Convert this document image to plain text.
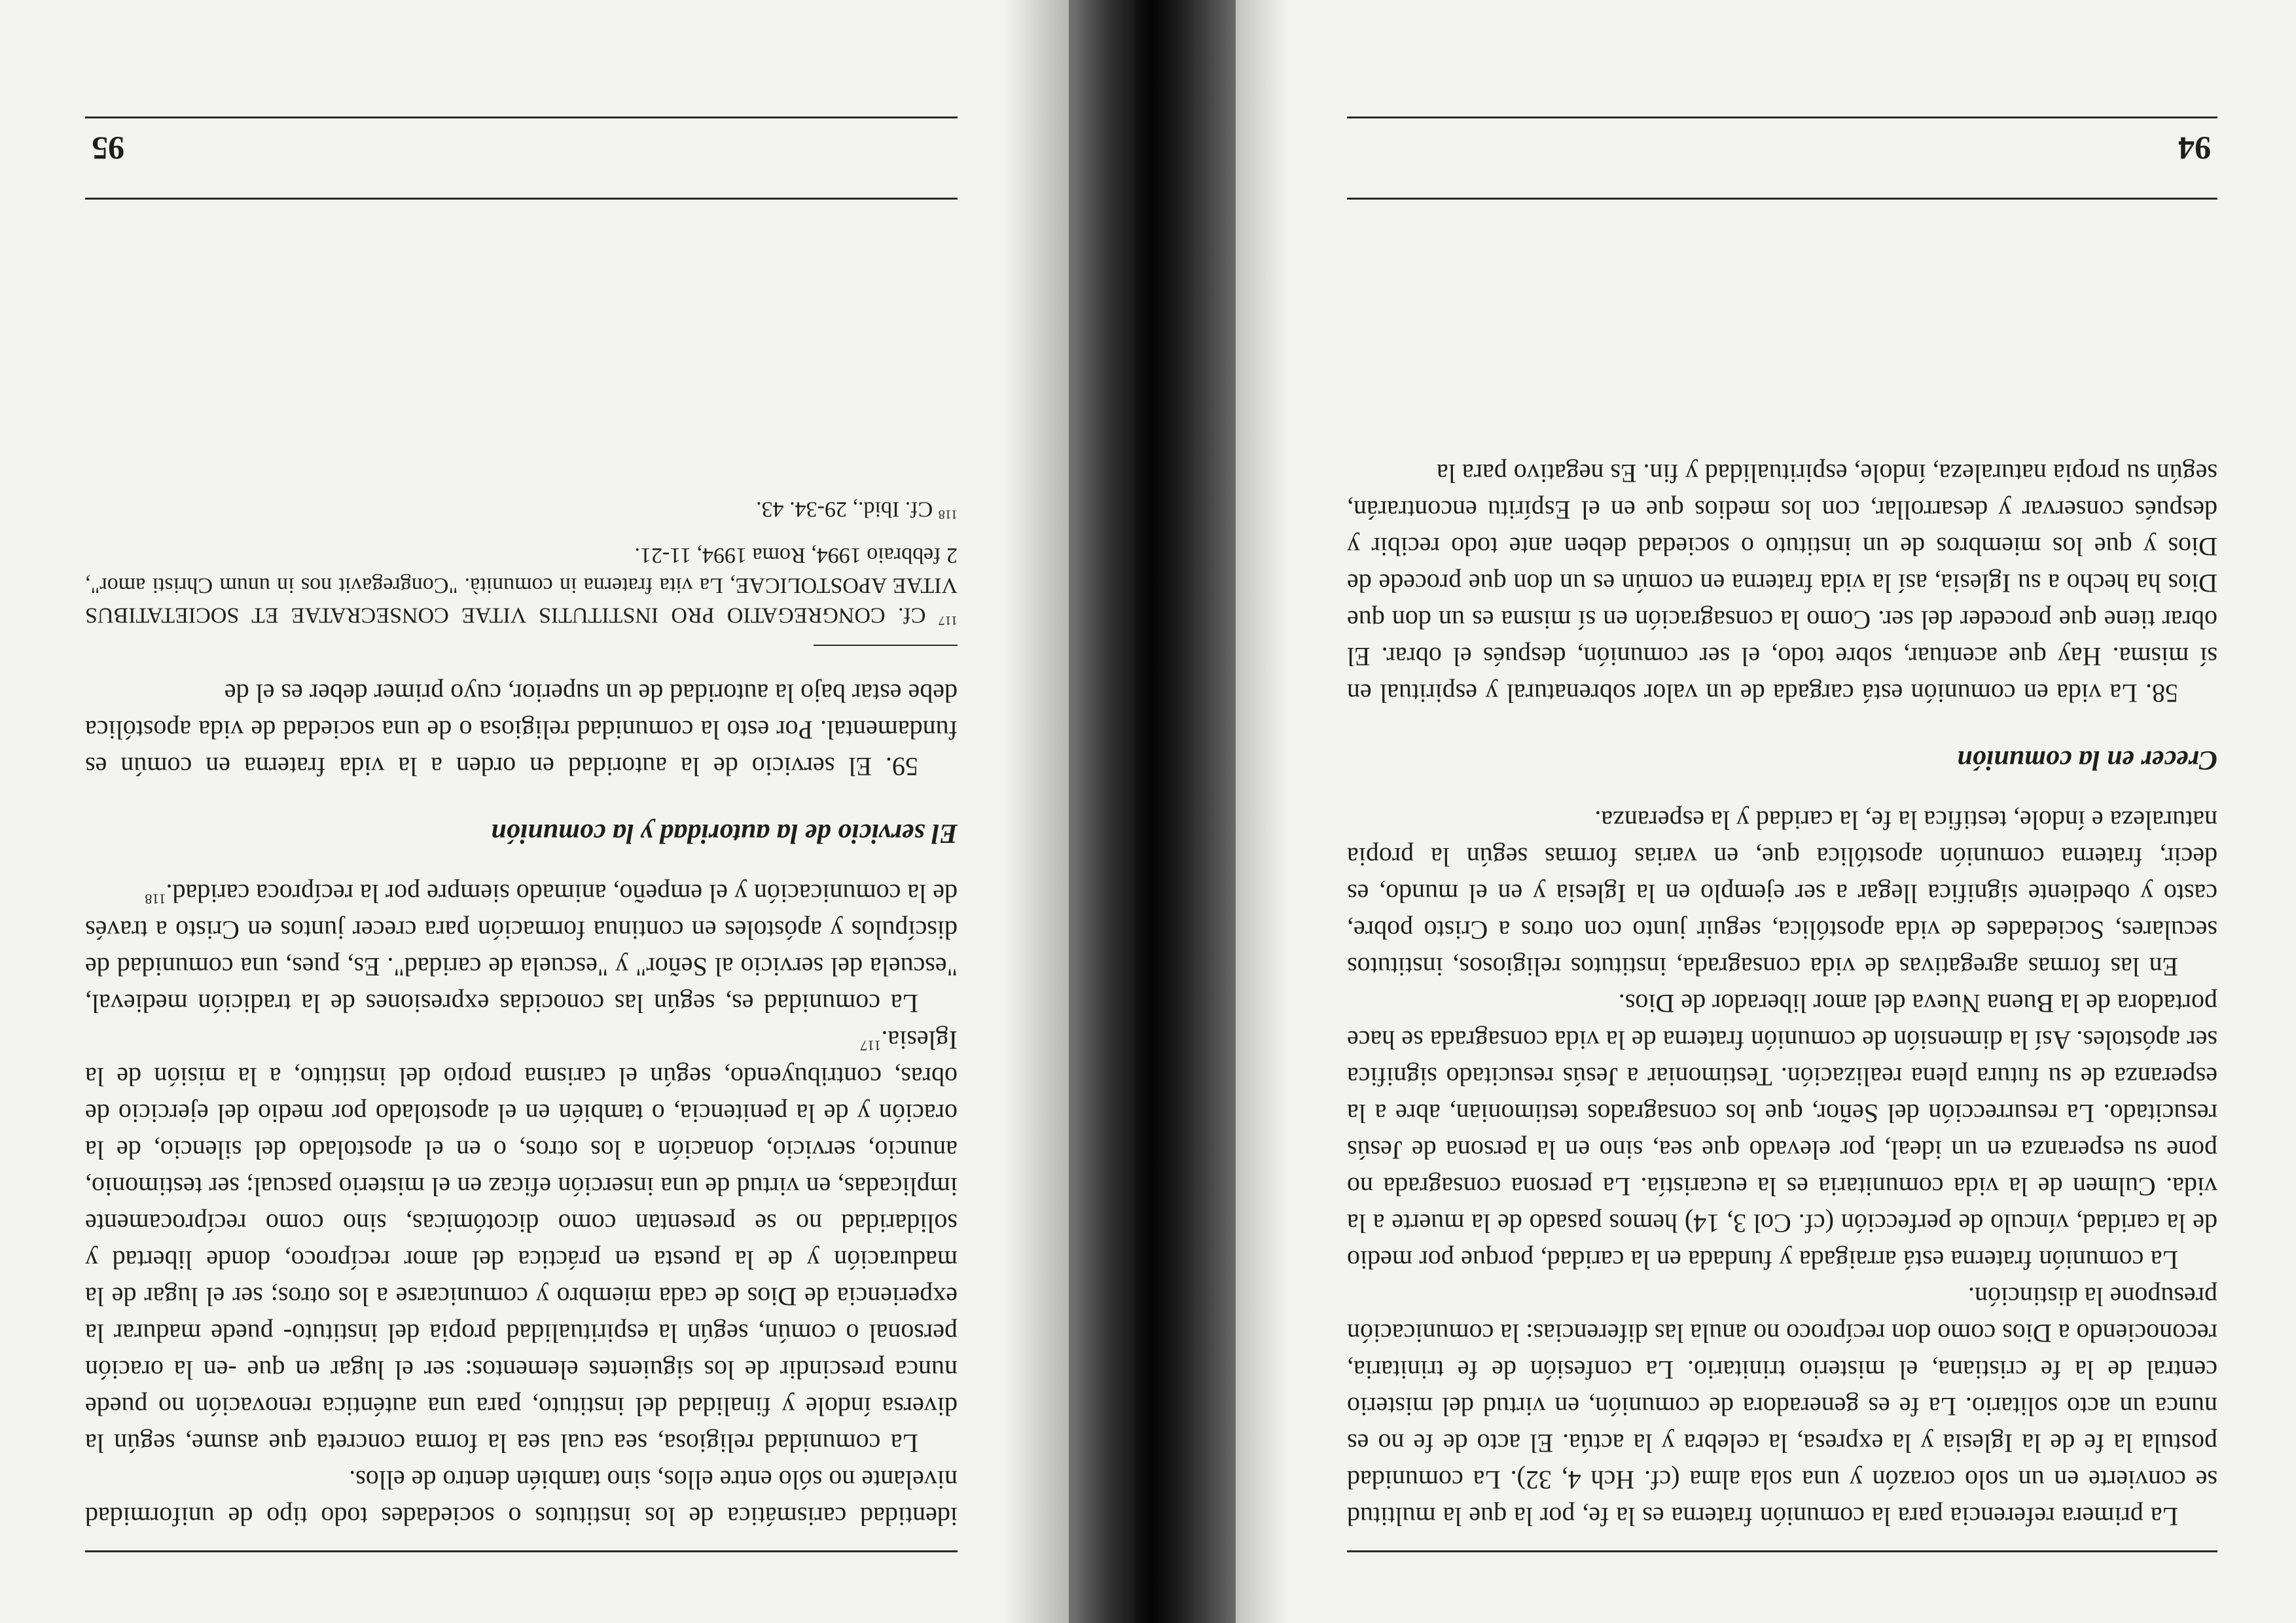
La primera referencia para la comunión fraterna es la fe, por la que la multitud se convierte en un solo corazón y una sola alma (cf. Hch 4, 32). La comunidad postula la fe de la Iglesia y la expresa, la celebra y la actúa. El acto de fe no es nunca un acto solitario. La fe es generadora de comunión, en virtud del misterio central de la fe cristiana, el misterio trinitario. La confesión de fe trinitaria, reconociendo a Dios como don recíproco no anula las diferencias: la comunicación presupone la distinción.

La comunión fraterna está arraigada y fundada en la caridad, porque por medio de la caridad, vínculo de perfección (cf. Col 3, 14) hemos pasado de la muerte a la vida. Culmen de la vida comunitaria es la eucaristía. La persona consagrada no pone su esperanza en un ideal, por elevado que sea, sino en la persona de Jesús resucitado. La resurrección del Señor, que los consagrados testimonian, abre a la esperanza de su futura plena realización. Testimoniar a Jesús resucitado significa ser apóstoles. Así la dimensión de comunión fraterna de la vida consagrada se hace portadora de la Buena Nueva del amor liberador de Dios.

En las formas agregativas de vida consagrada, institutos religiosos, institutos seculares, Sociedades de vida apostólica, seguir junto con otros a Cristo pobre, casto y obediente significa llegar a ser ejemplo en la Iglesia y en el mundo, es decir, fraterna comunión apostólica que, en varias formas según la propia naturaleza e índole, testifica la fe, la caridad y la esperanza.

Crecer en la comunión

58. La vida en comunión está cargada de un valor sobrenatural y espiritual en sí misma. Hay que acentuar, sobre todo, el ser comunión, después el obrar. El obrar tiene que proceder del ser. Como la consagración en sí misma es un don que Dios ha hecho a su Iglesia, así la vida fraterna en común es un don que procede de Dios y que los miembros de un instituto o sociedad deben ante todo recibir y después conservar y desarrollar, con los medios que en el Espíritu encontrarán, según su propia naturaleza, índole, espiritualidad y fin. Es negativo para la

94

identidad carismática de los institutos o sociedades todo tipo de uniformidad nivelante no sólo entre ellos, sino también dentro de ellos.

La comunidad religiosa, sea cual sea la forma concreta que asume, según la diversa índole y finalidad del instituto, para una auténtica renovación no puede nunca prescindir de los siguientes elementos: ser el lugar en que -en la oración personal o común, según la espiritualidad propia del instituto- puede madurar la experiencia de Dios de cada miembro y comunicarse a los otros; ser el lugar de la maduración y de la puesta en práctica del amor recíproco, donde libertad y solidaridad no se presentan como dicotómicas, sino como recíprocamente implicadas, en virtud de una inserción eficaz en el misterio pascual; ser testimonio, anuncio, servicio, donación a los otros, o en el apostolado del silencio, de la oración y de la penitencia, o también en el apostolado por medio del ejercicio de obras, contribuyendo, según el carisma propio del instituto, a la misión de la Iglesia.$^{117}$

La comunidad es, según las conocidas expresiones de la tradición medieval, "escuela del servicio al Señor" y "escuela de caridad". Es, pues, una comunidad de discípulos y apóstoles en continua formación para crecer juntos en Cristo a través de la comunicación y el empeño, animado siempre por la recíproca caridad.$^{118}$

El servicio de la autoridad y la comunión

59. El servicio de la autoridad en orden a la vida fraterna en común es fundamental. Por esto la comunidad religiosa o de una sociedad de vida apostólica debe estar bajo la autoridad de un superior, cuyo primer deber es el de

$^{117}$ Cf. CONGREGATIO PRO INSTITUTIS VITAE CONSECRATAE ET SOCIETATIBUS VITAE APOSTOLICAE, La vita fraterna in comunità. "Congregavit nos in unum Christi amor", 2 febbraio 1994, Roma 1994, 11-21.
$^{118}$ Cf. Ibid., 29-34. 43.
95
